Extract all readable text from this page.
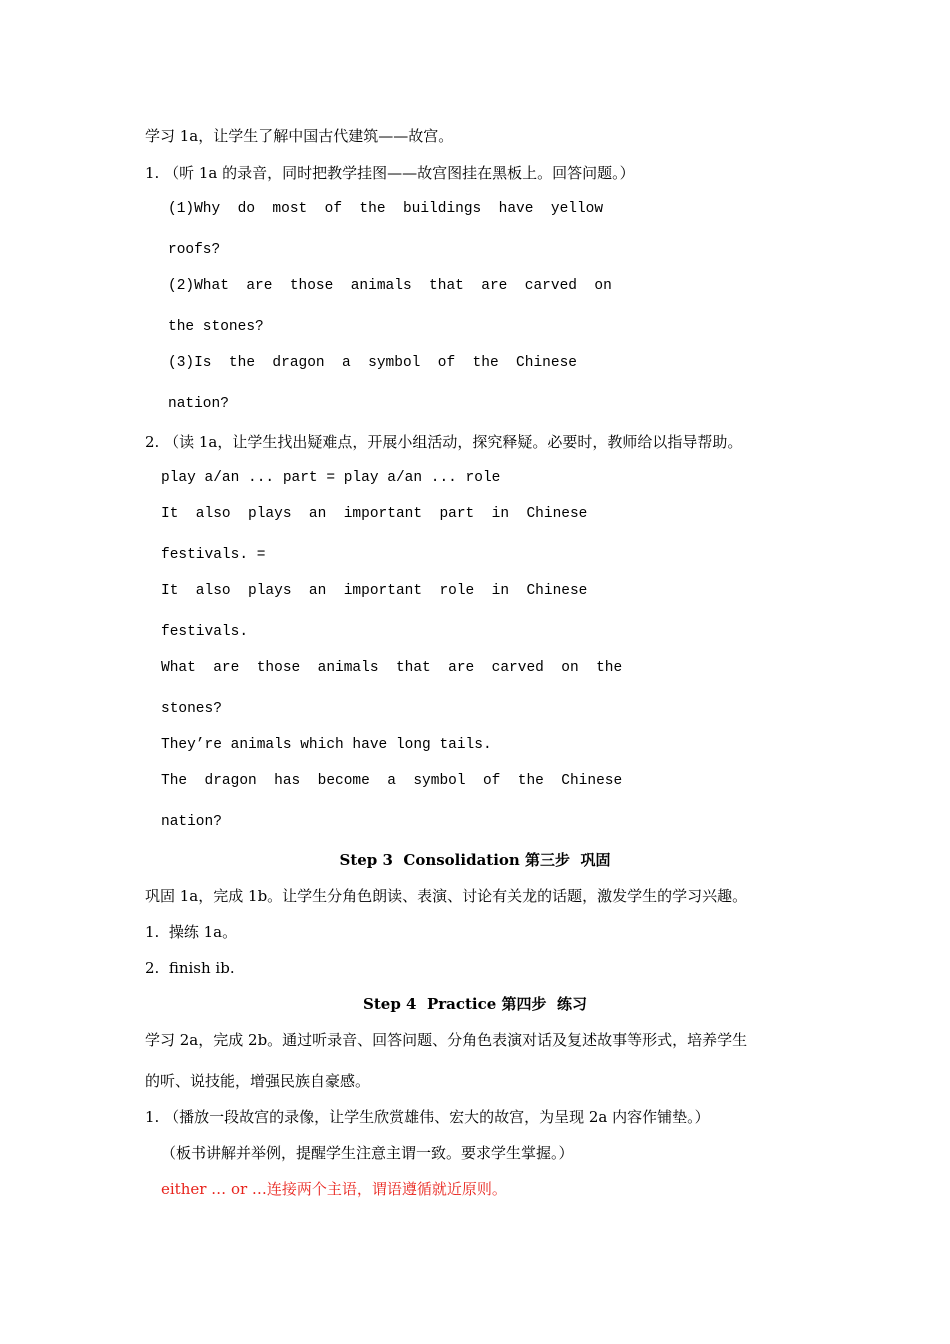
学习 1a，让学生了解中国古代建筑——故宫。
1. （听 1a 的录音，同时把教学挂图——故宫图挂在黑板上。回答问题。）
(1)Why  do  most  of  the  buildings  have  yellow
roofs?
(2)What  are  those  animals  that  are  carved  on
the stones?
(3)Is  the  dragon  a  symbol  of  the  Chinese
nation?
2. （读 1a，让学生找出疑难点，开展小组活动，探究释疑。必要时，教师给以指导帮助。
play a/an ... part = play a/an ... role
It  also  plays  an  important  part  in  Chinese
festivals. =
It  also  plays  an  important  role  in  Chinese
festivals.
What  are  those  animals  that  are  carved  on  the
stones?
They’re animals which have long tails.
The  dragon  has  become  a  symbol  of  the  Chinese
nation?
Step 3  Consolidation 第三步  巩固
巩固 1a，完成 1b。让学生分角色朗读、表演、讨论有关龙的话题，激发学生的学习兴趣。
1.  操练 1a。
2.  finish ib.
Step 4  Practice 第四步  练习
学习 2a，完成 2b。通过听录音、回答问题、分角色表演对话及复述故事等形式，培养学生
的听、说技能，增强民族自豪感。
1. （播放一段故宫的录像，让学生欣赏雄伟、宏大的故宫，为呈现 2a 内容作铺垫。）
（板书讲解并举例，提醒学生注意主谓一致。要求学生掌握。）
either … or …连接两个主语，谓语遵循就近原则。
